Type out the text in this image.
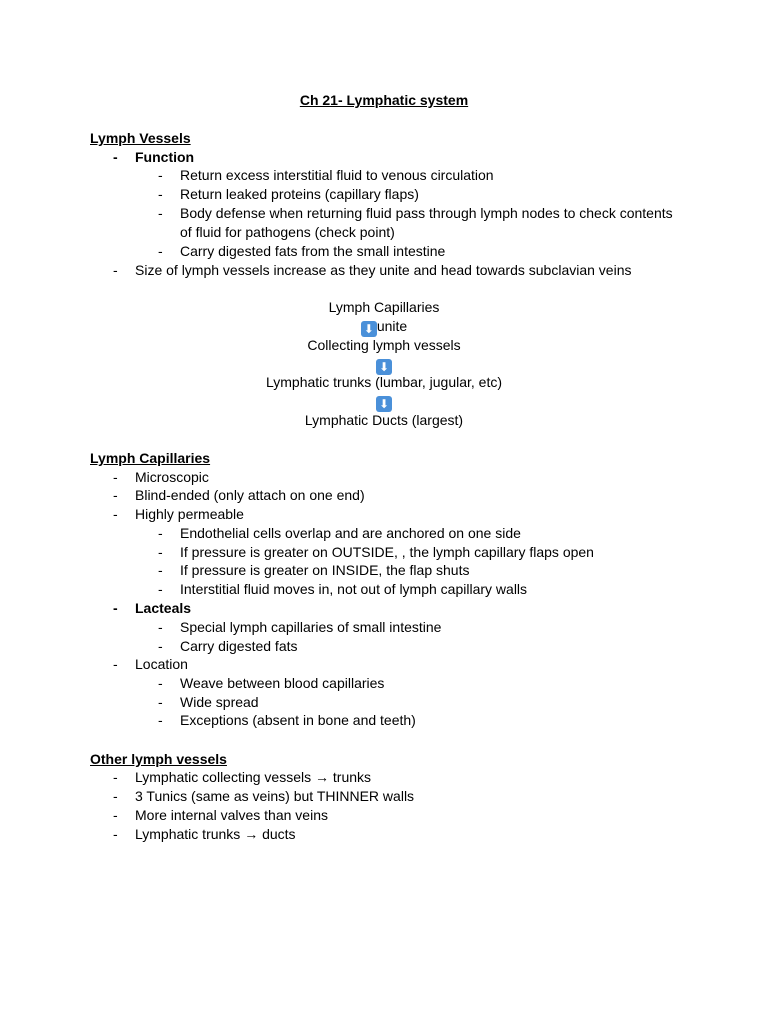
Ch 21- Lymphatic system
Lymph Vessels
-	Function
-	Return excess interstitial fluid to venous circulation
-	Return leaked proteins (capillary flaps)
-	Body defense when returning fluid pass through lymph nodes to check contents
of fluid for pathogens (check point)
-	Carry digested fats from the small intestine
-	Size of lymph vessels increase as they unite and head towards subclavian veins
Lymph Capillaries
⬇ unite
Collecting lymph vessels
⬇
Lymphatic trunks (lumbar, jugular, etc)
⬇
Lymphatic Ducts (largest)
Lymph Capillaries
-	Microscopic
-	Blind-ended (only attach on one end)
-	Highly permeable
-	Endothelial cells overlap and are anchored on one side
-	If pressure is greater on OUTSIDE, , the lymph capillary flaps open
-	If pressure is greater on INSIDE, the flap shuts
-	Interstitial fluid moves in, not out of lymph capillary walls
-	Lacteals
-	Special lymph capillaries of small intestine
-	Carry digested fats
-	Location
-	Weave between blood capillaries
-	Wide spread
-	Exceptions (absent in bone and teeth)
Other lymph vessels
-	Lymphatic collecting vessels → trunks
-	3 Tunics (same as veins) but THINNER walls
-	More internal valves than veins
-	Lymphatic trunks → ducts
